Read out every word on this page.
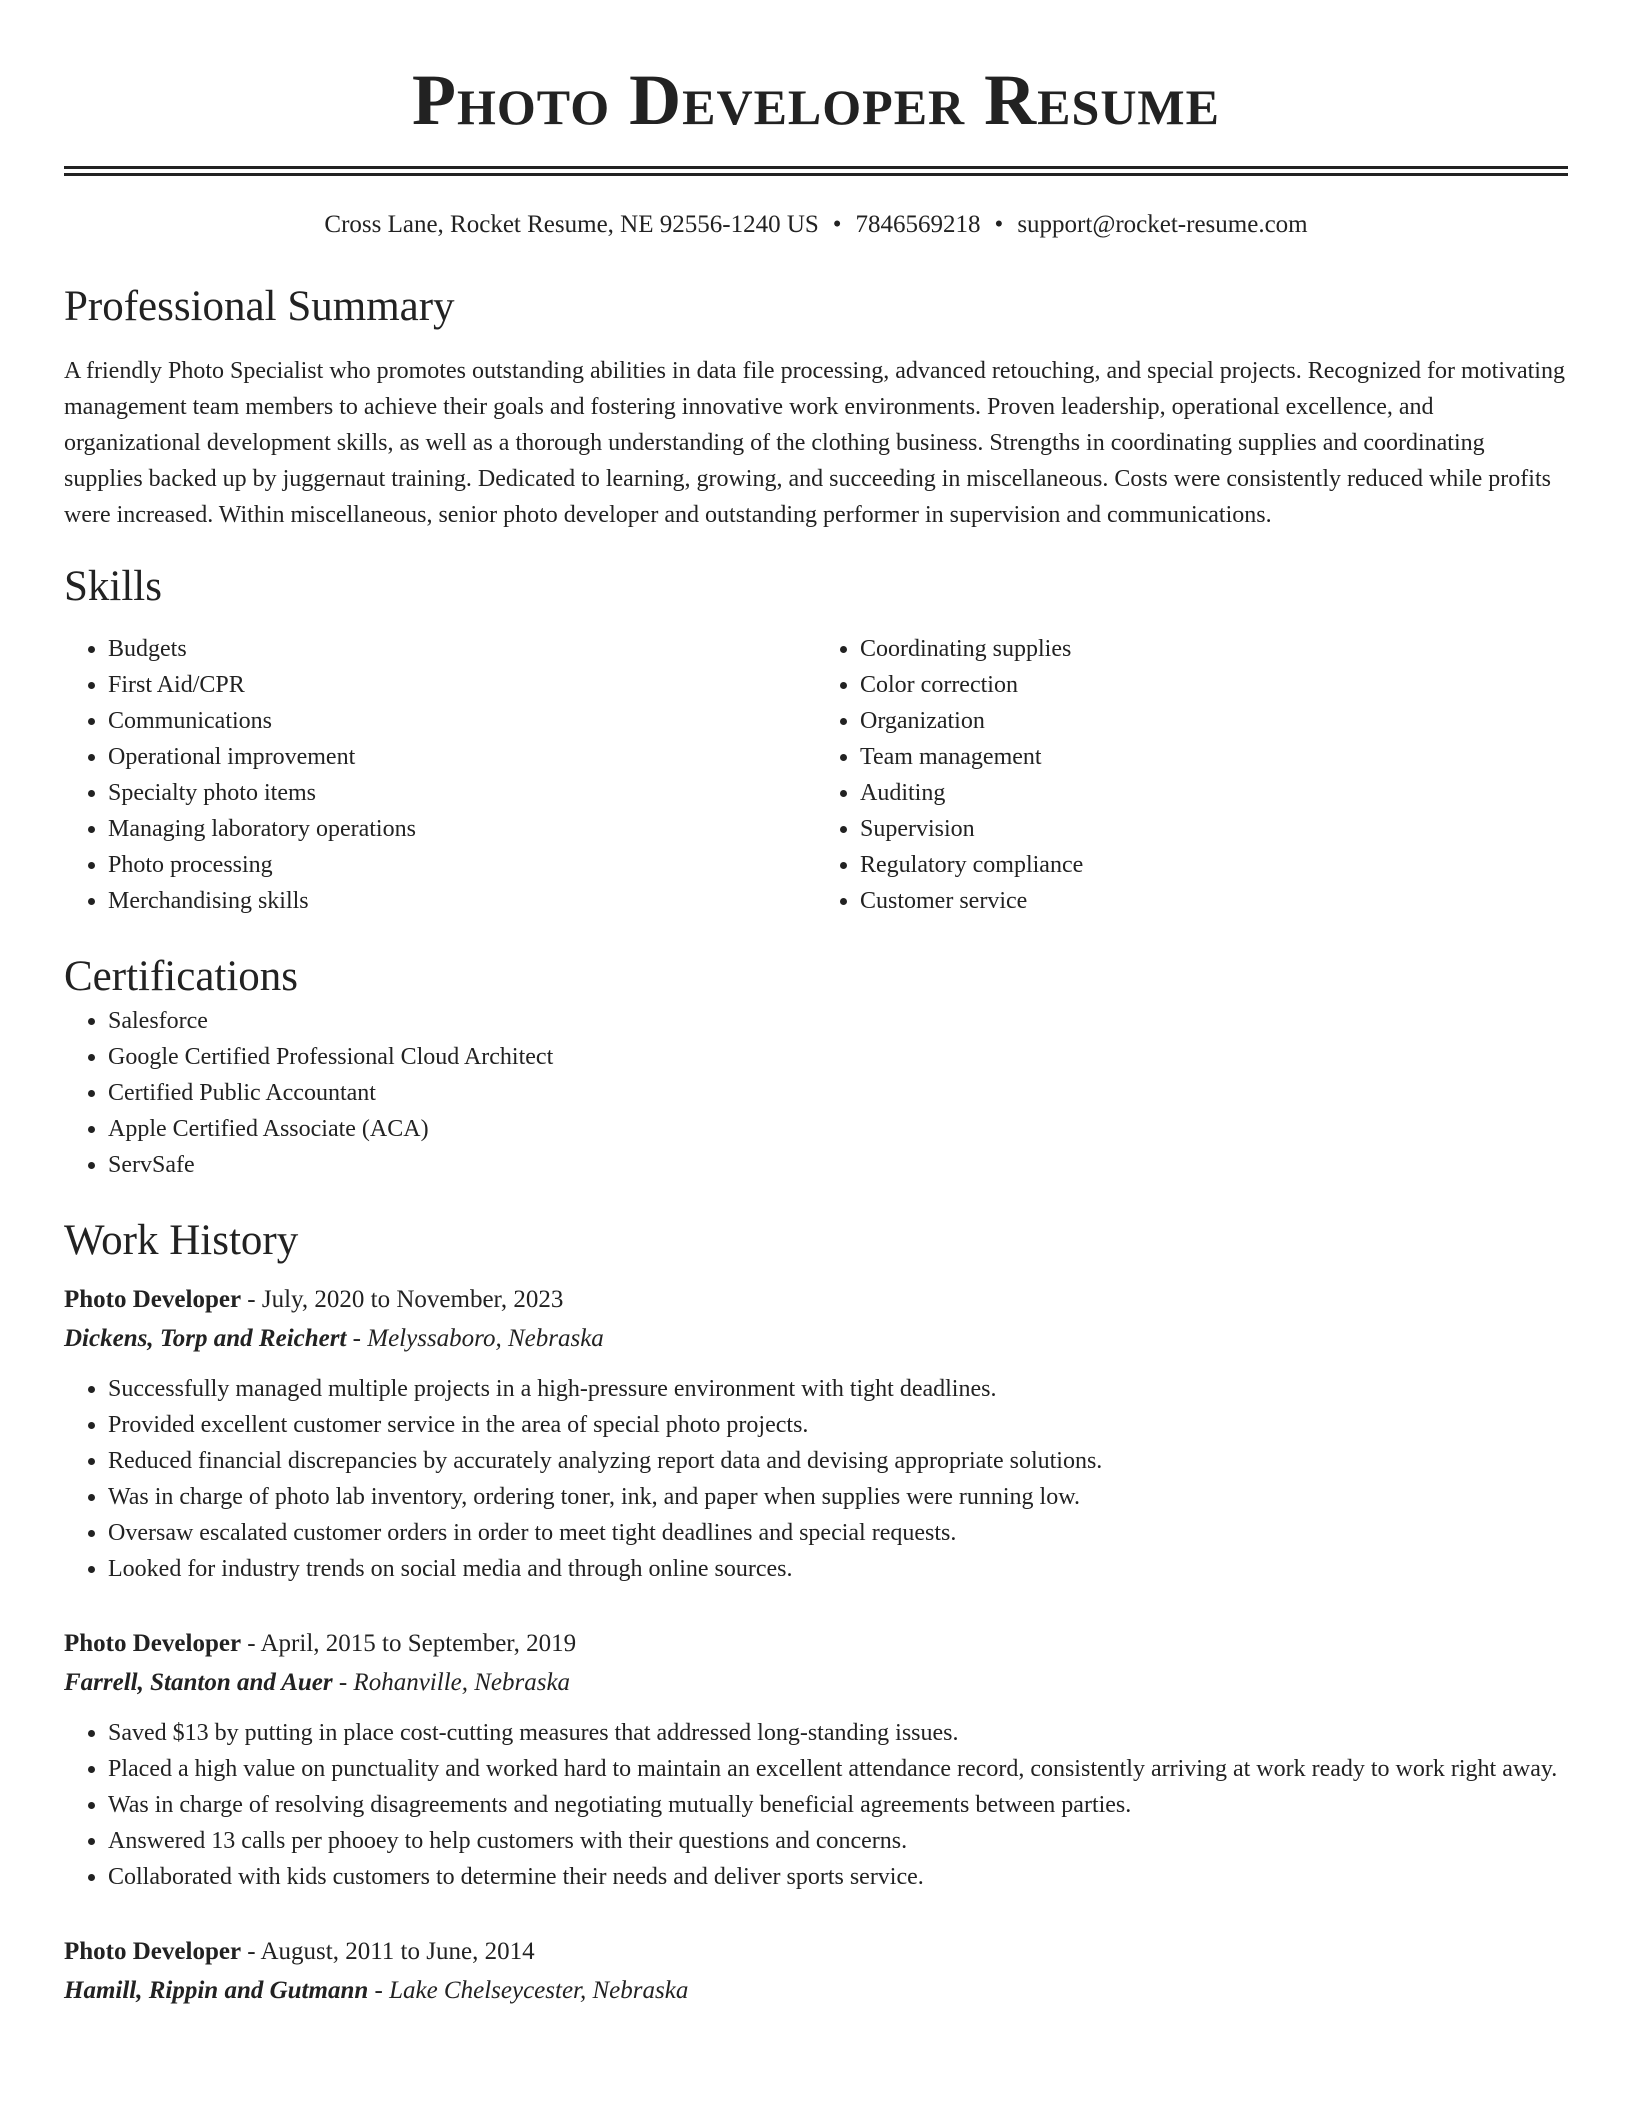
Photo Developer Resume
Cross Lane, Rocket Resume, NE 92556-1240 US • 7846569218 • support@rocket-resume.com
Professional Summary

A friendly Photo Specialist who promotes outstanding abilities in data file processing, advanced retouching, and special projects. Recognized for motivating management team members to achieve their goals and fostering innovative work environments. Proven leadership, operational excellence, and organizational development skills, as well as a thorough understanding of the clothing business. Strengths in coordinating supplies and coordinating supplies backed up by juggernaut training. Dedicated to learning, growing, and succeeding in miscellaneous. Costs were consistently reduced while profits were increased. Within miscellaneous, senior photo developer and outstanding performer in supervision and communications.

Skills
• Budgets
• First Aid/CPR
• Communications
• Operational improvement
• Specialty photo items
• Managing laboratory operations
• Photo processing
• Merchandising skills
• Coordinating supplies
• Color correction
• Organization
• Team management
• Auditing
• Supervision
• Regulatory compliance
• Customer service
Certifications
• Salesforce
• Google Certified Professional Cloud Architect
• Certified Public Accountant
• Apple Certified Associate (ACA)
• ServSafe
Work History
Photo Developer - July, 2020 to November, 2023
Dickens, Torp and Reichert - Melyssaboro, Nebraska
• Successfully managed multiple projects in a high-pressure environment with tight deadlines.
• Provided excellent customer service in the area of special photo projects.
• Reduced financial discrepancies by accurately analyzing report data and devising appropriate solutions.
• Was in charge of photo lab inventory, ordering toner, ink, and paper when supplies were running low.
• Oversaw escalated customer orders in order to meet tight deadlines and special requests.
• Looked for industry trends on social media and through online sources.
Photo Developer - April, 2015 to September, 2019
Farrell, Stanton and Auer - Rohanville, Nebraska
• Saved $13 by putting in place cost-cutting measures that addressed long-standing issues.
• Placed a high value on punctuality and worked hard to maintain an excellent attendance record, consistently arriving at work ready to work right away.
• Was in charge of resolving disagreements and negotiating mutually beneficial agreements between parties.
• Answered 13 calls per phooey to help customers with their questions and concerns.
• Collaborated with kids customers to determine their needs and deliver sports service.
Photo Developer - August, 2011 to June, 2014
Hamill, Rippin and Gutmann - Lake Chelseycester, Nebraska
